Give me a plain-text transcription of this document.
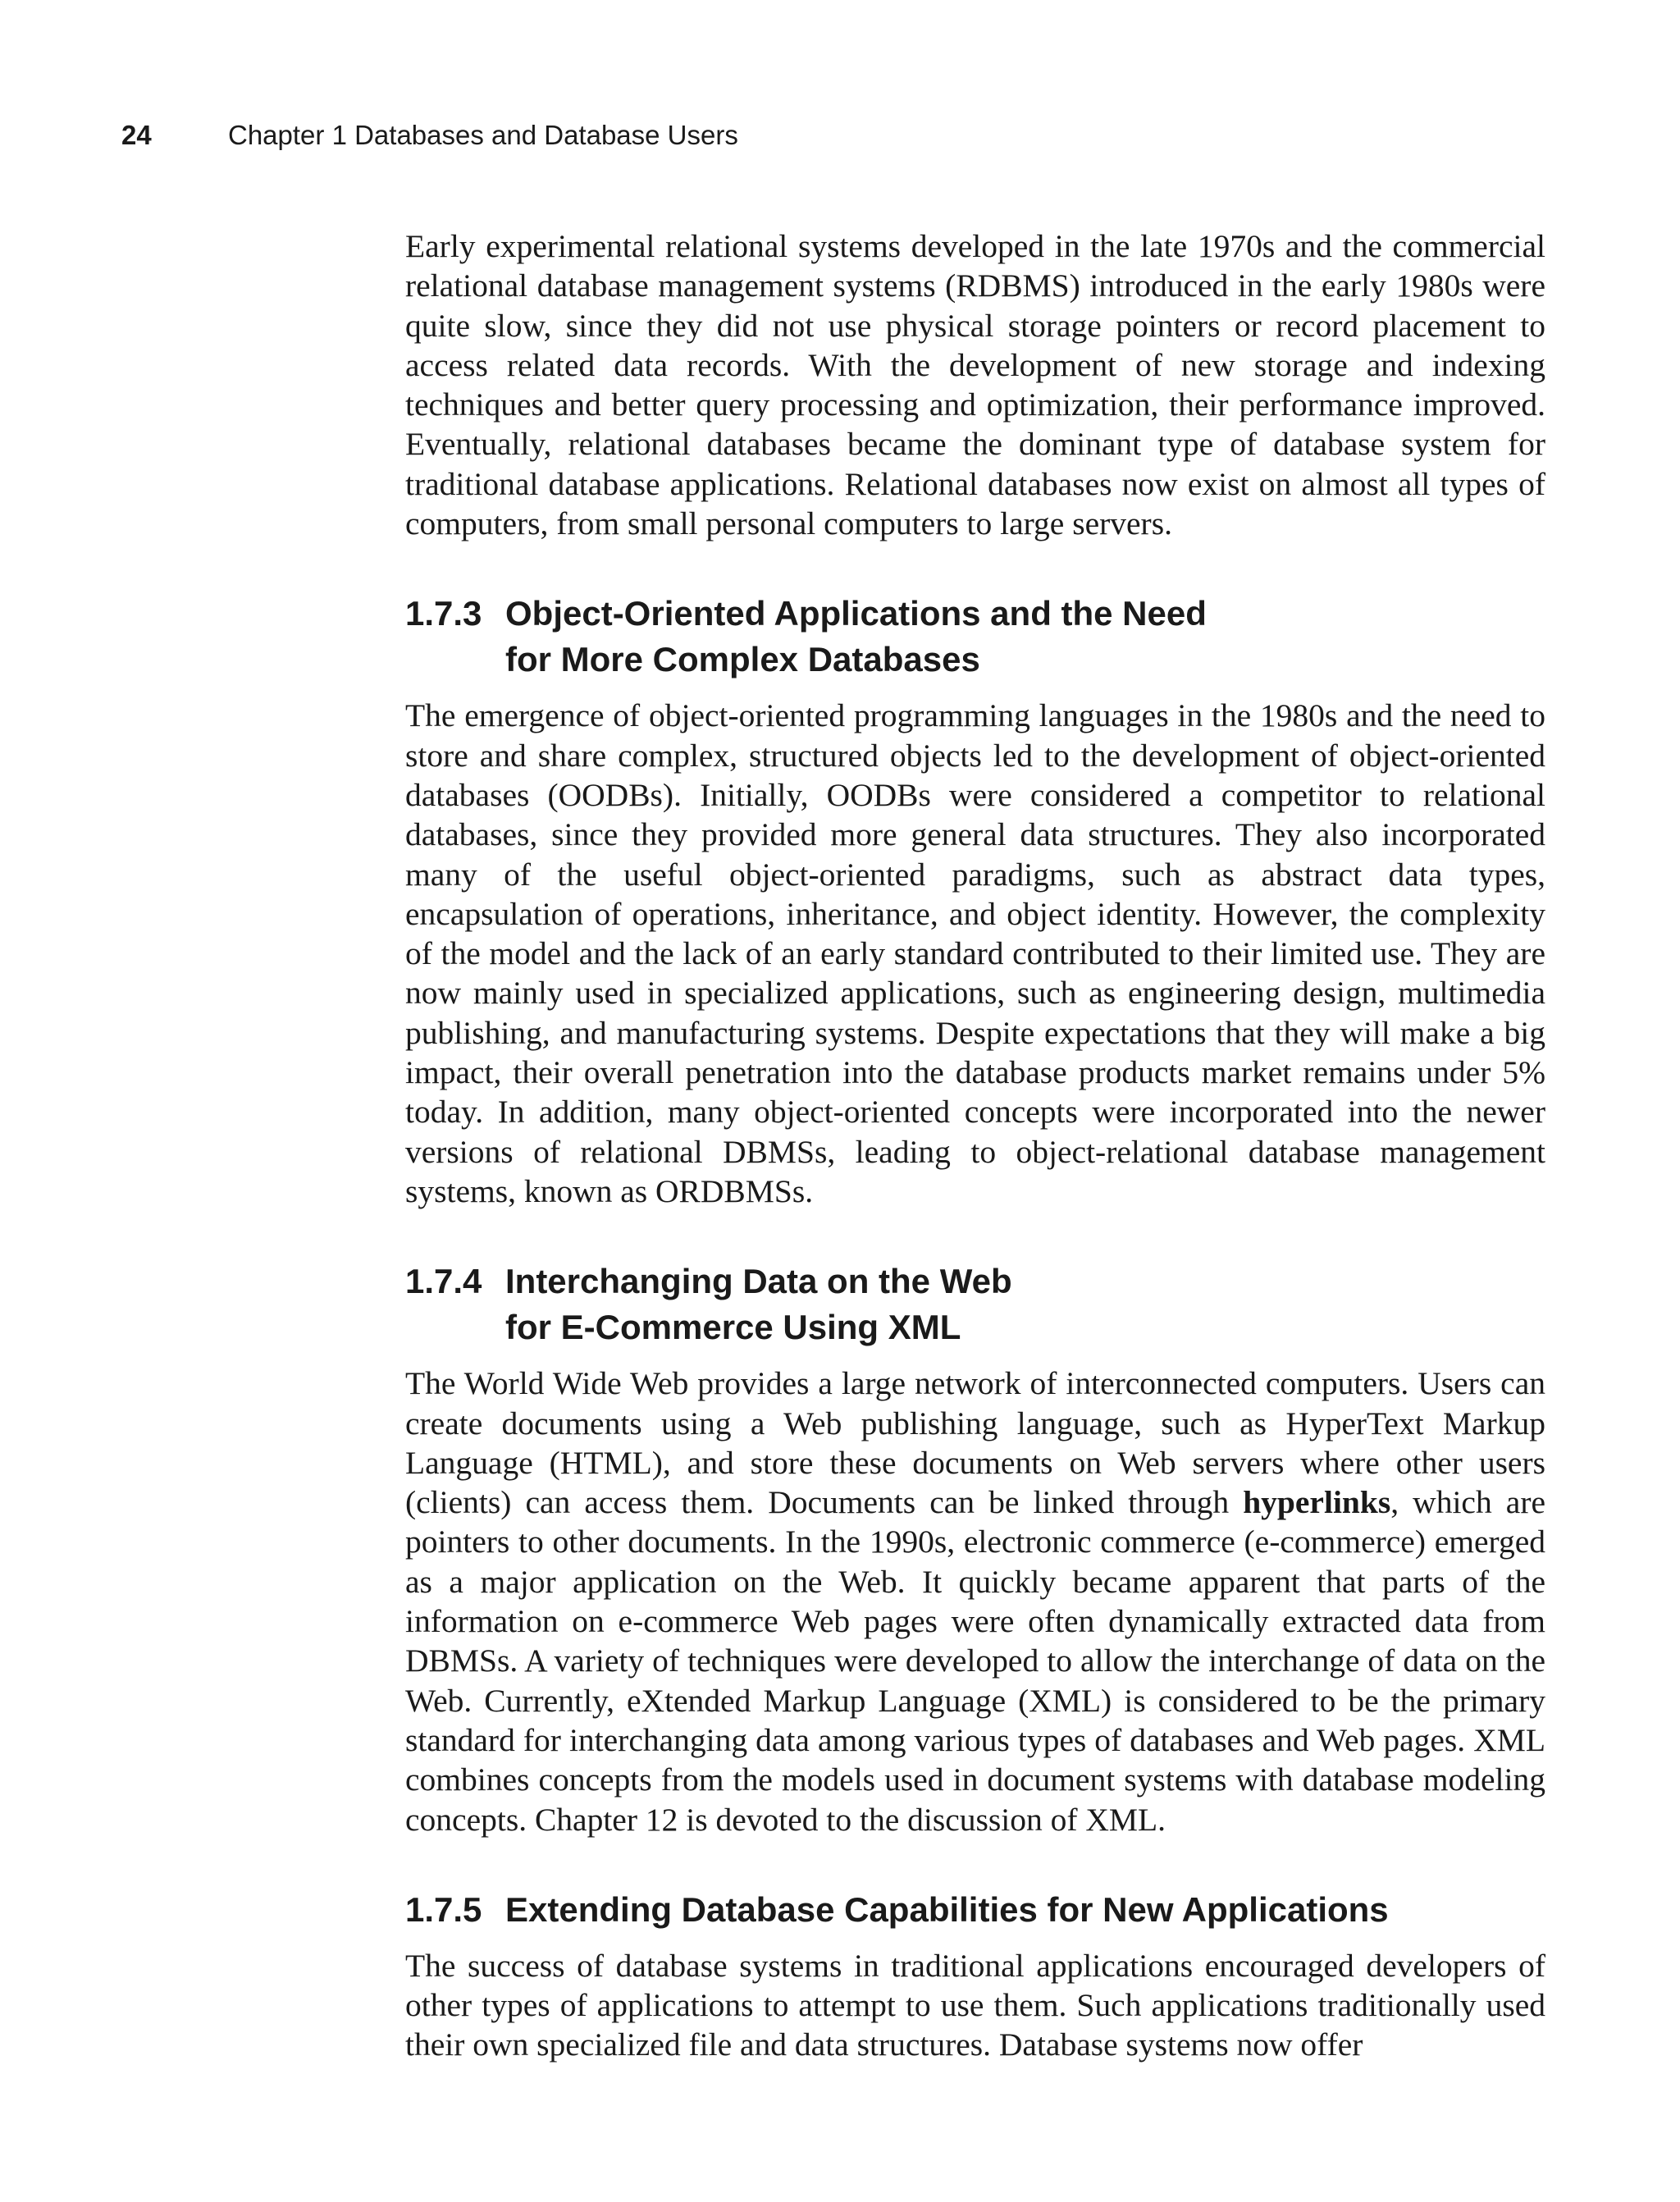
24	Chapter 1 Databases and Database Users

Early experimental relational systems developed in the late 1970s and the commercial relational database management systems (RDBMS) introduced in the early 1980s were quite slow, since they did not use physical storage pointers or record placement to access related data records. With the development of new storage and indexing techniques and better query processing and optimization, their performance improved. Eventually, relational databases became the dominant type of database system for traditional database applications. Relational databases now exist on almost all types of computers, from small personal computers to large servers.

1.7.3 Object-Oriented Applications and the Need
for More Complex Databases

The emergence of object-oriented programming languages in the 1980s and the need to store and share complex, structured objects led to the development of object-oriented databases (OODBs). Initially, OODBs were considered a competitor to relational databases, since they provided more general data structures. They also incorporated many of the useful object-oriented paradigms, such as abstract data types, encapsulation of operations, inheritance, and object identity. However, the complexity of the model and the lack of an early standard contributed to their limited use. They are now mainly used in specialized applications, such as engineering design, multimedia publishing, and manufacturing systems. Despite expectations that they will make a big impact, their overall penetration into the database products market remains under 5% today. In addition, many object-oriented concepts were incorporated into the newer versions of relational DBMSs, leading to object-relational database management systems, known as ORDBMSs.

1.7.4 Interchanging Data on the Web
for E-Commerce Using XML

The World Wide Web provides a large network of interconnected computers. Users can create documents using a Web publishing language, such as HyperText Markup Language (HTML), and store these documents on Web servers where other users (clients) can access them. Documents can be linked through hyperlinks, which are pointers to other documents. In the 1990s, electronic commerce (e-commerce) emerged as a major application on the Web. It quickly became apparent that parts of the information on e-commerce Web pages were often dynamically extracted data from DBMSs. A variety of techniques were developed to allow the interchange of data on the Web. Currently, eXtended Markup Language (XML) is considered to be the primary standard for interchanging data among various types of databases and Web pages. XML combines concepts from the models used in document systems with database modeling concepts. Chapter 12 is devoted to the discussion of XML.

1.7.5 Extending Database Capabilities for New Applications

The success of database systems in traditional applications encouraged developers of other types of applications to attempt to use them. Such applications traditionally used their own specialized file and data structures. Database systems now offer
